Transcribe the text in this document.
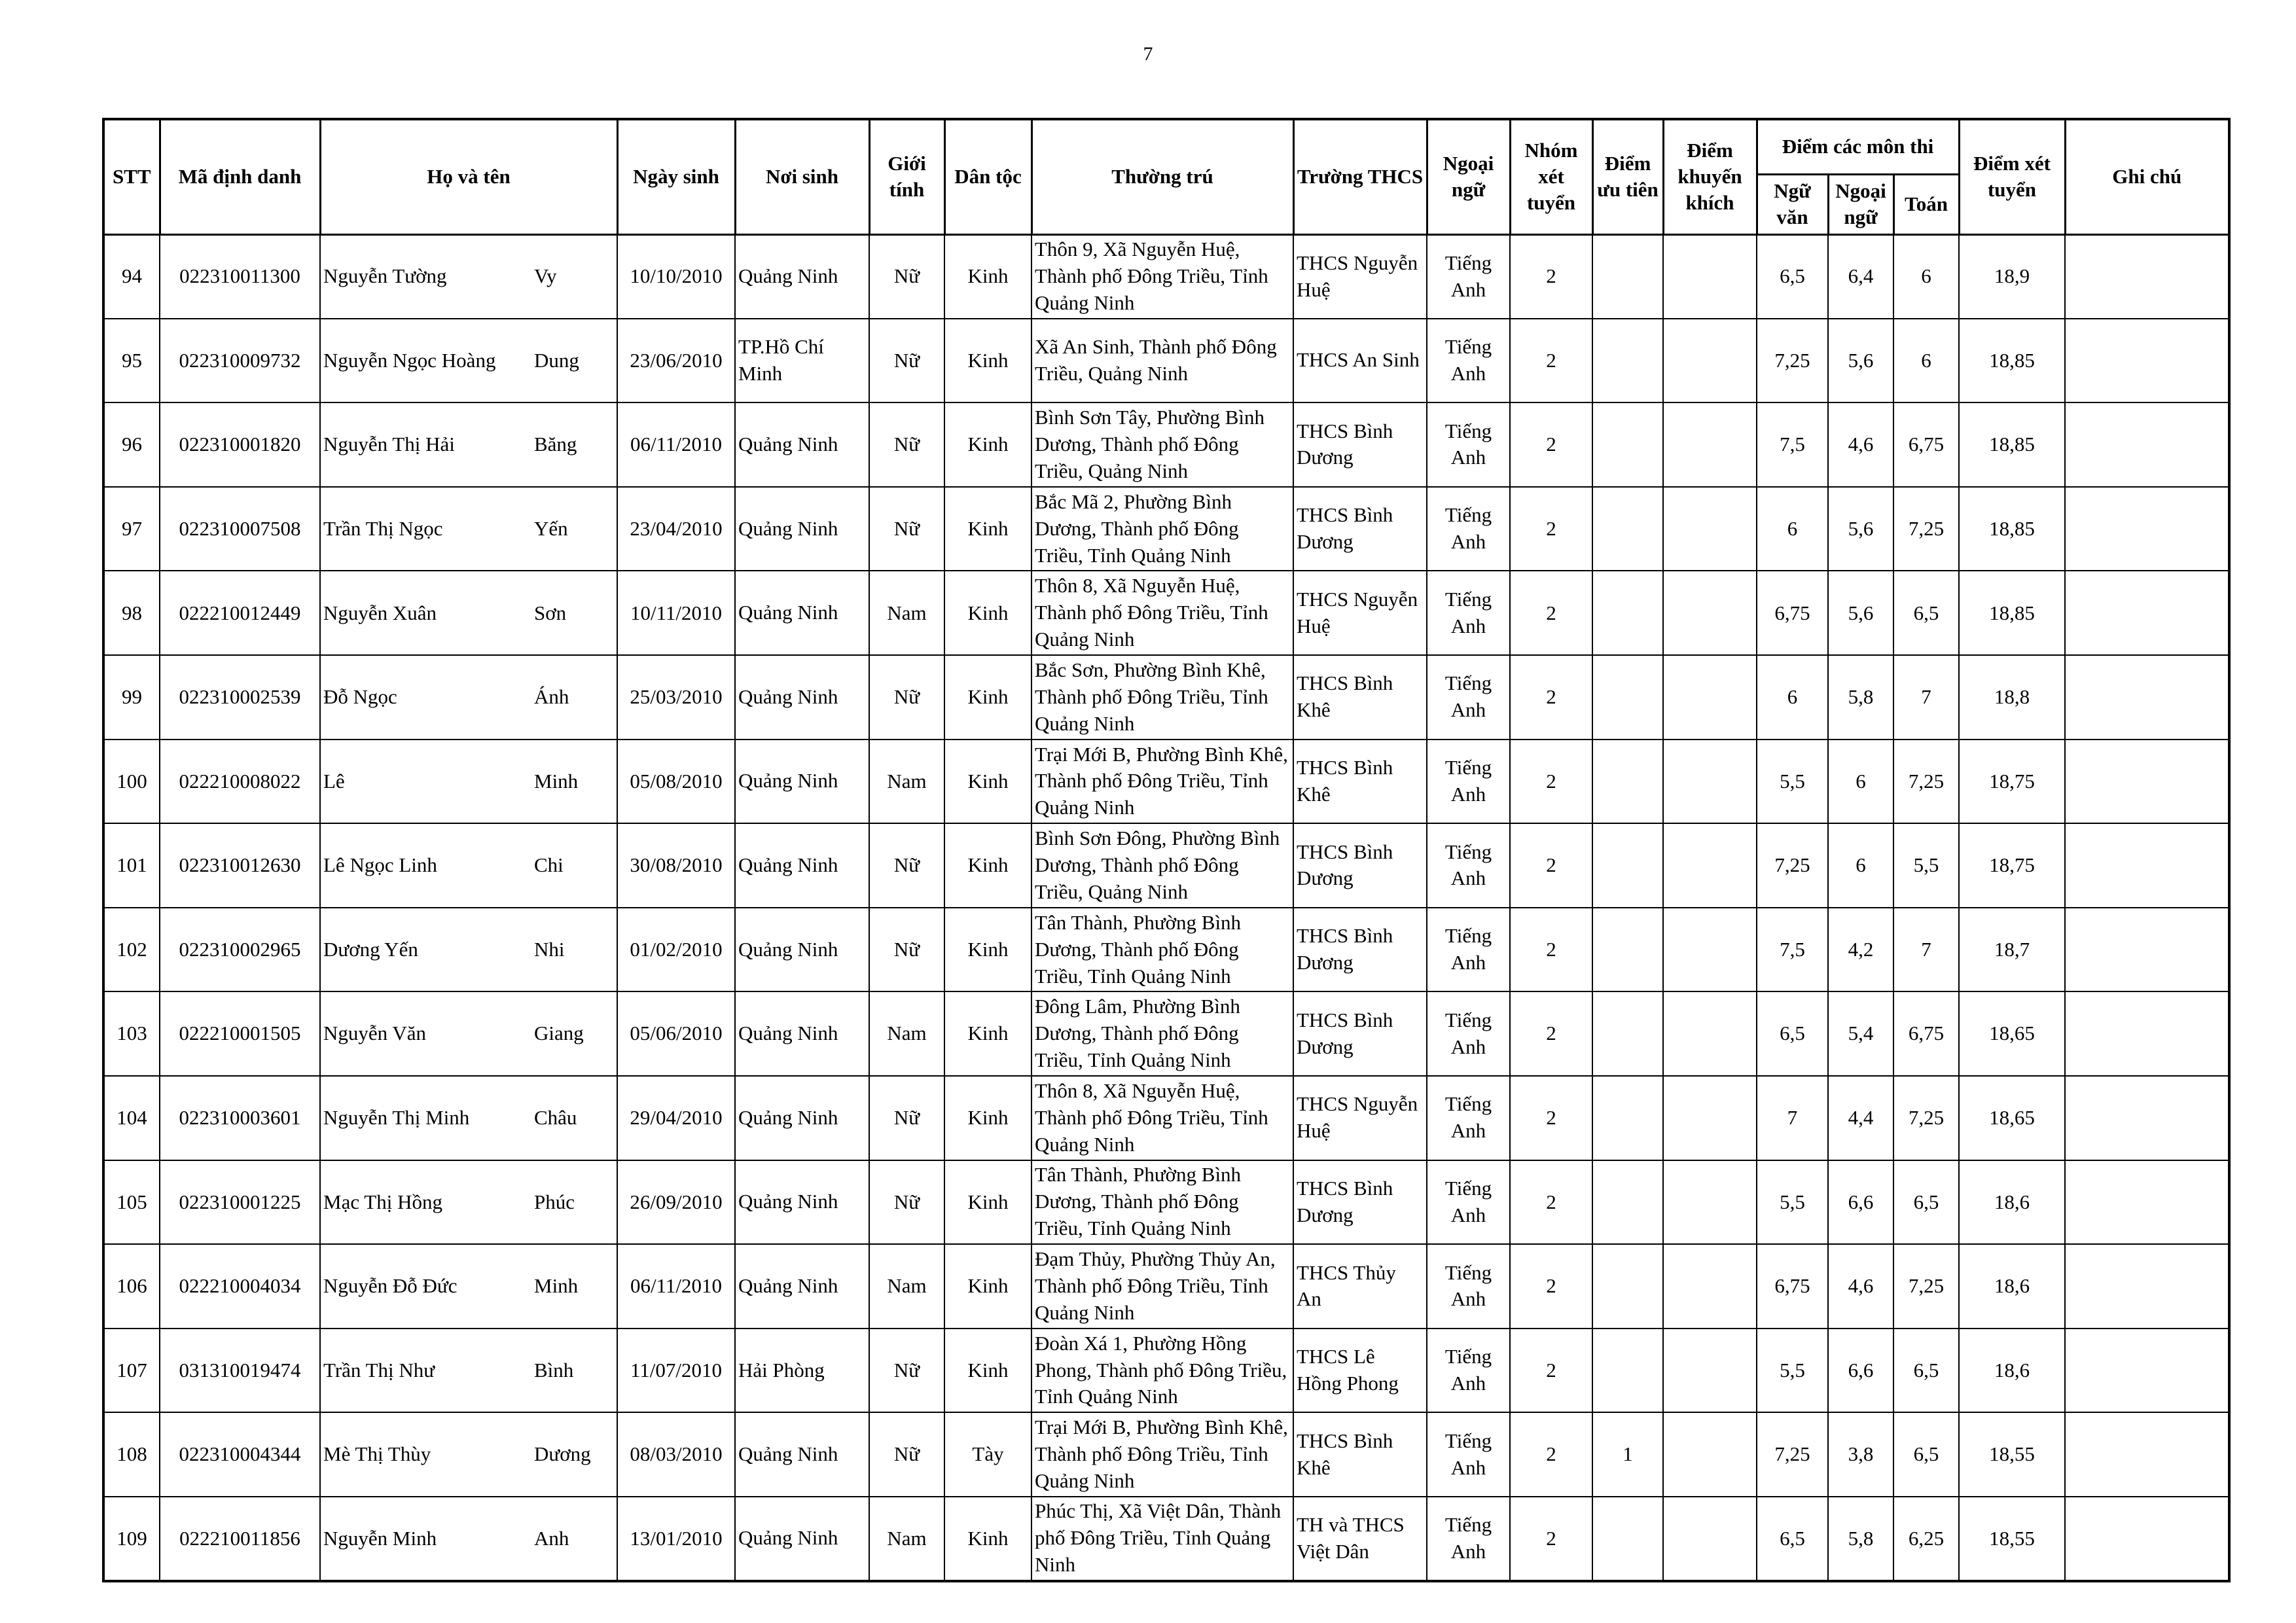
7
STT	Mã định danh	Họ và tên	Ngày sinh	Nơi sinh	Giới tính	Dân tộc	Thường trú	Trường THCS	Ngoại ngữ	Nhóm xét tuyển	Điểm ưu tiên	Điểm khuyến khích	Điểm các môn thi			Điểm xét tuyển	Ghi chú
													Ngữ văn	Ngoại ngữ	Toán		
94	022310011300	Nguyễn Tường Vy	10/10/2010	Quảng Ninh	Nữ	Kinh	Thôn 9, Xã Nguyễn Huệ, Thành phố Đông Triều, Tỉnh Quảng Ninh	THCS Nguyễn Huệ	Tiếng Anh	2			6,5	6,4	6	18,9	
95	022310009732	Nguyễn Ngọc Hoàng Dung	23/06/2010	TP.Hồ Chí Minh	Nữ	Kinh	Xã An Sinh, Thành phố Đông Triều, Quảng Ninh	THCS An Sinh	Tiếng Anh	2			7,25	5,6	6	18,85	
96	022310001820	Nguyễn Thị Hải Băng	06/11/2010	Quảng Ninh	Nữ	Kinh	Bình Sơn Tây, Phường Bình Dương, Thành phố Đông Triều, Quảng Ninh	THCS Bình Dương	Tiếng Anh	2			7,5	4,6	6,75	18,85	
97	022310007508	Trần Thị Ngọc Yến	23/04/2010	Quảng Ninh	Nữ	Kinh	Bắc Mã 2, Phường Bình Dương, Thành phố Đông Triều, Tỉnh Quảng Ninh	THCS Bình Dương	Tiếng Anh	2			6	5,6	7,25	18,85	
98	022210012449	Nguyễn Xuân Sơn	10/11/2010	Quảng Ninh	Nam	Kinh	Thôn 8, Xã Nguyễn Huệ, Thành phố Đông Triều, Tỉnh Quảng Ninh	THCS Nguyễn Huệ	Tiếng Anh	2			6,75	5,6	6,5	18,85	
99	022310002539	Đỗ Ngọc Ánh	25/03/2010	Quảng Ninh	Nữ	Kinh	Bắc Sơn, Phường Bình Khê, Thành phố Đông Triều, Tỉnh Quảng Ninh	THCS Bình Khê	Tiếng Anh	2			6	5,8	7	18,8	
100	022210008022	Lê Minh	05/08/2010	Quảng Ninh	Nam	Kinh	Trại Mới B, Phường Bình Khê, Thành phố Đông Triều, Tỉnh Quảng Ninh	THCS Bình Khê	Tiếng Anh	2			5,5	6	7,25	18,75	
101	022310012630	Lê Ngọc Linh Chi	30/08/2010	Quảng Ninh	Nữ	Kinh	Bình Sơn Đông, Phường Bình Dương, Thành phố Đông Triều, Quảng Ninh	THCS Bình Dương	Tiếng Anh	2			7,25	6	5,5	18,75	
102	022310002965	Dương Yến Nhi	01/02/2010	Quảng Ninh	Nữ	Kinh	Tân Thành, Phường Bình Dương, Thành phố Đông Triều, Tỉnh Quảng Ninh	THCS Bình Dương	Tiếng Anh	2			7,5	4,2	7	18,7	
103	022210001505	Nguyễn Văn Giang	05/06/2010	Quảng Ninh	Nam	Kinh	Đông Lâm, Phường Bình Dương, Thành phố Đông Triều, Tỉnh Quảng Ninh	THCS Bình Dương	Tiếng Anh	2			6,5	5,4	6,75	18,65	
104	022310003601	Nguyễn Thị Minh Châu	29/04/2010	Quảng Ninh	Nữ	Kinh	Thôn 8, Xã Nguyễn Huệ, Thành phố Đông Triều, Tỉnh Quảng Ninh	THCS Nguyễn Huệ	Tiếng Anh	2			7	4,4	7,25	18,65	
105	022310001225	Mạc Thị Hồng Phúc	26/09/2010	Quảng Ninh	Nữ	Kinh	Tân Thành, Phường Bình Dương, Thành phố Đông Triều, Tỉnh Quảng Ninh	THCS Bình Dương	Tiếng Anh	2			5,5	6,6	6,5	18,6	
106	022210004034	Nguyễn Đỗ Đức Minh	06/11/2010	Quảng Ninh	Nam	Kinh	Đạm Thủy, Phường Thủy An, Thành phố Đông Triều, Tỉnh Quảng Ninh	THCS Thủy An	Tiếng Anh	2			6,75	4,6	7,25	18,6	
107	031310019474	Trần Thị Như Bình	11/07/2010	Hải Phòng	Nữ	Kinh	Đoàn Xá 1, Phường Hồng Phong, Thành phố Đông Triều, Tỉnh Quảng Ninh	THCS Lê Hồng Phong	Tiếng Anh	2			5,5	6,6	6,5	18,6	
108	022310004344	Mè Thị Thùy Dương	08/03/2010	Quảng Ninh	Nữ	Tày	Trại Mới B, Phường Bình Khê, Thành phố Đông Triều, Tỉnh Quảng Ninh	THCS Bình Khê	Tiếng Anh	2	1		7,25	3,8	6,5	18,55	
109	022210011856	Nguyễn Minh Anh	13/01/2010	Quảng Ninh	Nam	Kinh	Phúc Thị, Xã Việt Dân, Thành phố Đông Triều, Tỉnh Quảng Ninh	TH và THCS Việt Dân	Tiếng Anh	2			6,5	5,8	6,25	18,55	
